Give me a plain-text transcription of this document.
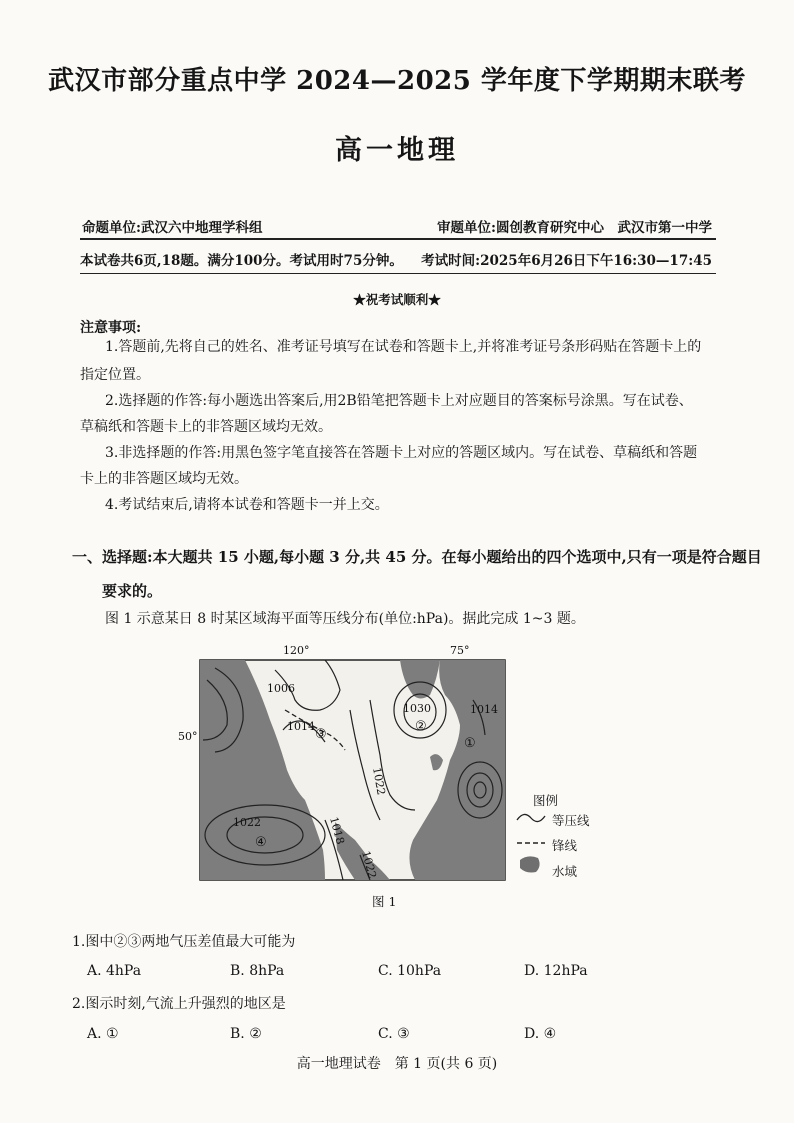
武汉市部分重点中学 2024—2025 学年度下学期期末联考
高一地理
命题单位:武汉六中地理学科组	审题单位:圆创教育研究中心　武汉市第一中学
本试卷共6页,18题。满分100分。考试用时75分钟。 考试时间:2025年6月26日下午16:30—17:45
★祝考试顺利★
注意事项:
1.答题前,先将自己的姓名、准考证号填写在试卷和答题卡上,并将准考证号条形码贴在答题卡上的
指定位置。
2.选择题的作答:每小题选出答案后,用2B铅笔把答题卡上对应题目的答案标号涂黑。写在试卷、
草稿纸和答题卡上的非答题区域均无效。
3.非选择题的作答:用黑色签字笔直接答在答题卡上对应的答题区域内。写在试卷、草稿纸和答题
卡上的非答题区域均无效。
4.考试结束后,请将本试卷和答题卡一并上交。
一、选择题:本大题共 15 小题,每小题 3 分,共 45 分。在每小题给出的四个选项中,只有一项是符合题目
要求的。
图 1 示意某日 8 时某区域海平面等压线分布(单位:hPa)。据此完成 1~3 题。
120°	75°
50°
1006
1014
1030	1014
1022
1022	1018
1022
①
②
③
④
图例
等压线
锋线
水域
图 1
1.图中②③两地气压差值最大可能为
A. 4hPa	B. 8hPa	C. 10hPa	D. 12hPa
2.图示时刻,气流上升强烈的地区是
A. ①	B. ②	C. ③	D. ④
高一地理试卷　第 1 页(共 6 页)
